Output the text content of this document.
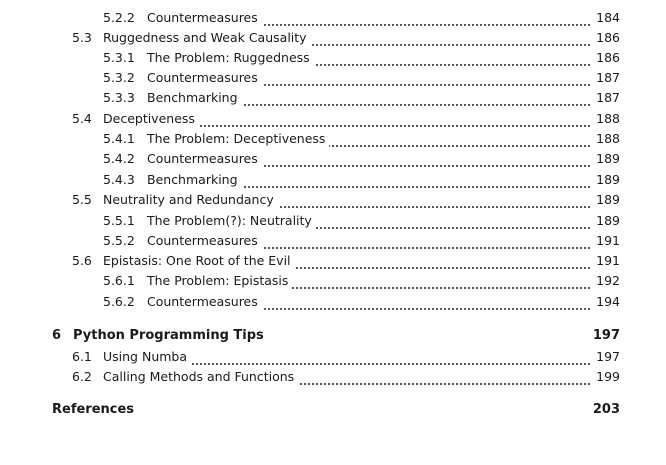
5.2.2 Countermeasures	184
5.3 Ruggedness and Weak Causality	186
5.3.1 The Problem: Ruggedness	186
5.3.2 Countermeasures	187
5.3.3 Benchmarking	187
5.4 Deceptiveness	188
5.4.1 The Problem: Deceptiveness	188
5.4.2 Countermeasures	189
5.4.3 Benchmarking	189
5.5 Neutrality and Redundancy	189
5.5.1 The Problem(?): Neutrality	189
5.5.2 Countermeasures	191
5.6 Epistasis: One Root of the Evil	191
5.6.1 The Problem: Epistasis	192
5.6.2 Countermeasures	194
6 Python Programming Tips	197
6.1 Using Numba	197
6.2 Calling Methods and Functions	199
References	203
